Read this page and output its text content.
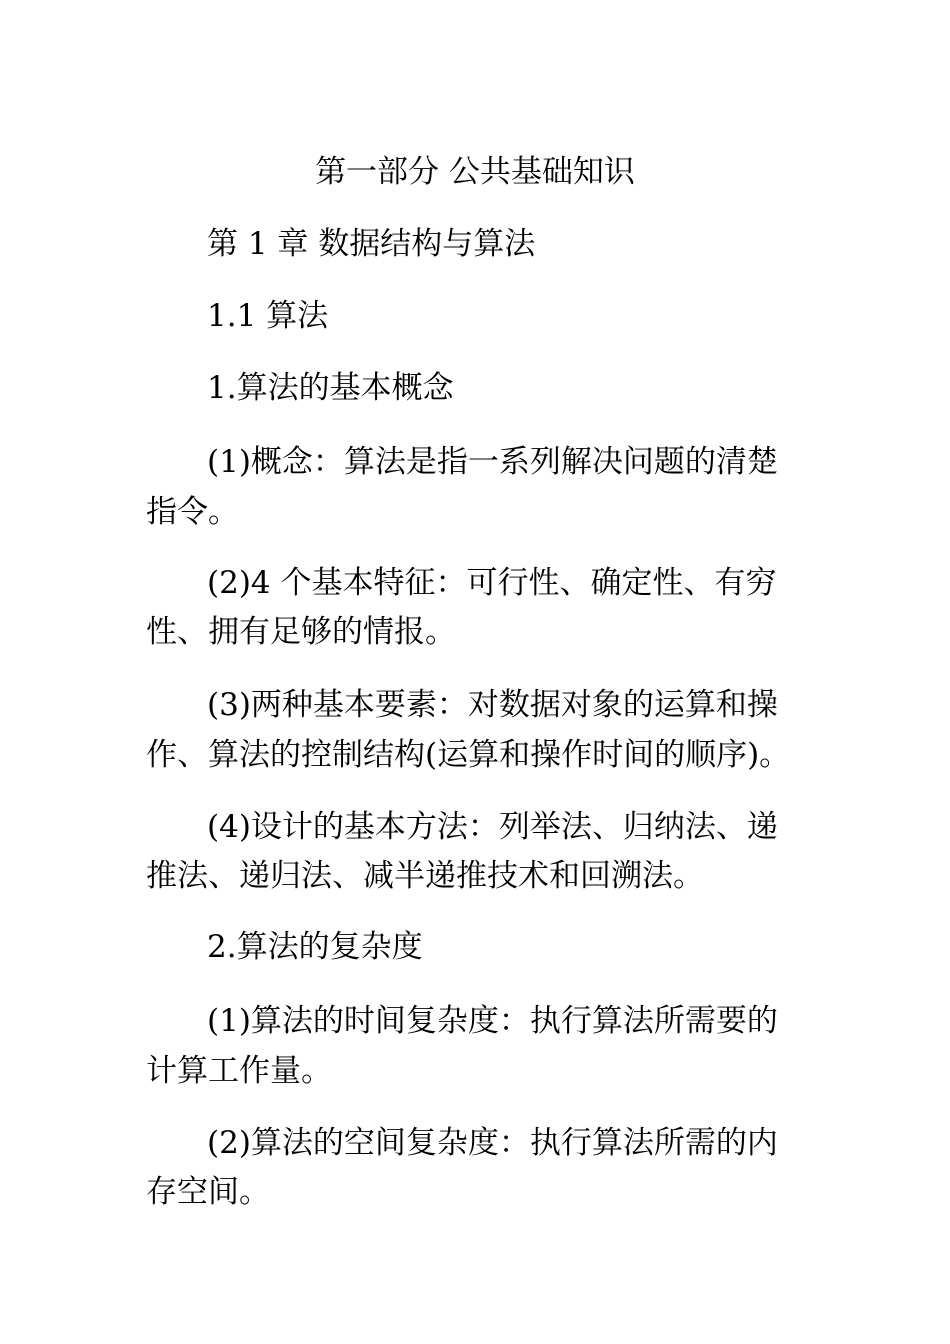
第一部分 公共基础知识
第 1 章 数据结构与算法
1.1 算法
1.算法的基本概念
(1)概念：算法是指一系列解决问题的清楚
指令。
(2)4 个基本特征：可行性、确定性、有穷
性、拥有足够的情报。
(3)两种基本要素：对数据对象的运算和操
作、算法的控制结构(运算和操作时间的顺序)。
(4)设计的基本方法：列举法、归纳法、递
推法、递归法、减半递推技术和回溯法。
2.算法的复杂度
(1)算法的时间复杂度：执行算法所需要的
计算工作量。
(2)算法的空间复杂度：执行算法所需的内
存空间。
